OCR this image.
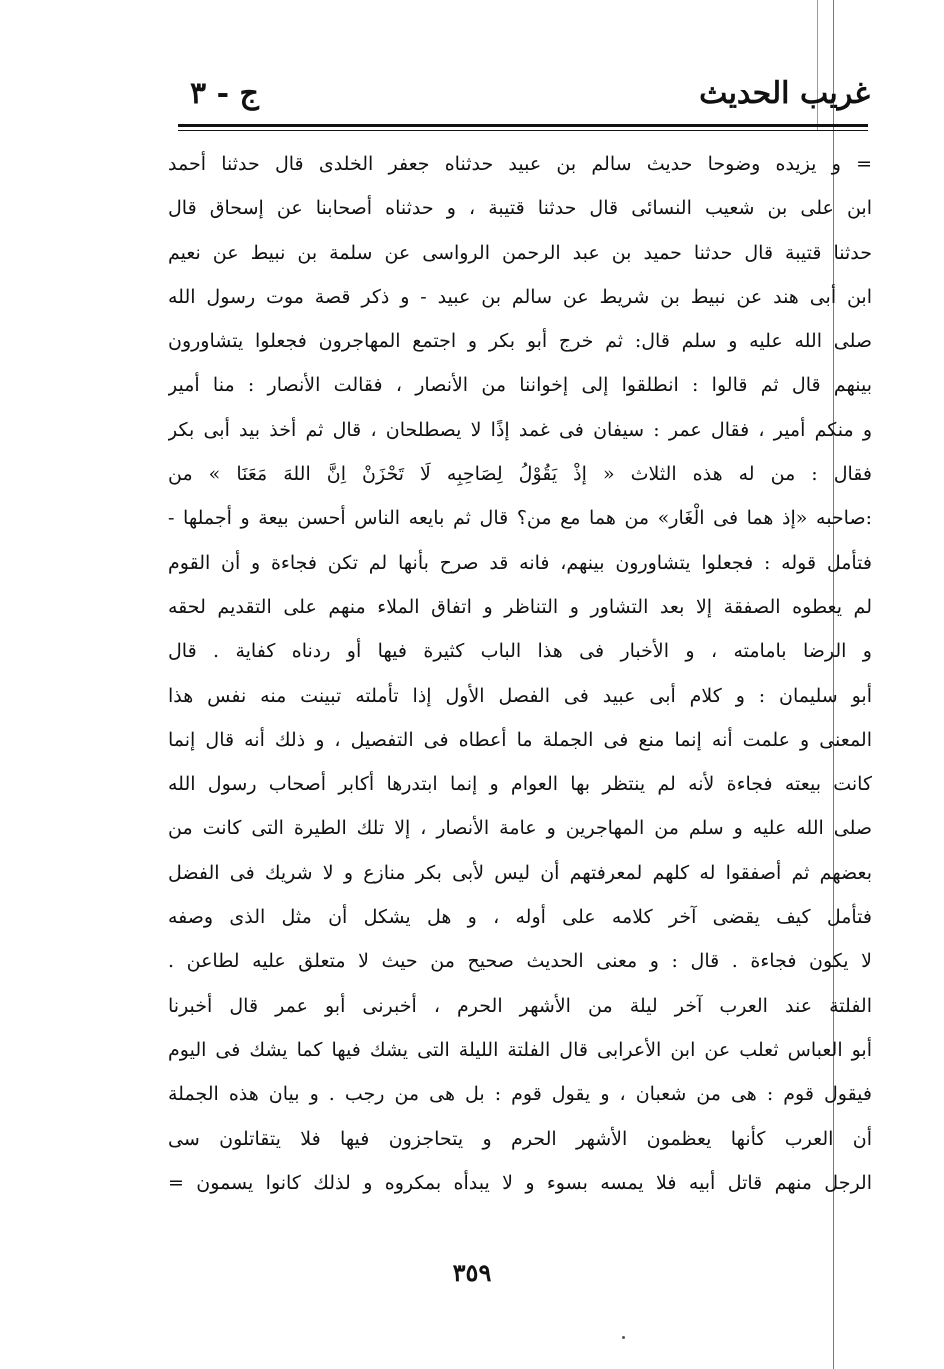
غريب الحديث
ج - ٣
= و يزيده وضوحا حديث سالم بن عبيد حدثناه جعفر الخلدى قال حدثنا أحمد
ابن على بن شعيب النسائى قال حدثنا قتيبة ، و حدثناه أصحابنا عن إسحاق قال
حدثنا قتيبة قال حدثنا حميد بن عبد الرحمن الرواسى عن سلمة بن نبيط عن نعيم
ابن أبى هند عن نبيط بن شريط عن سالم بن عبيد - و ذكر قصة موت رسول الله
صلى الله عليه و سلم قال: ثم خرج أبو بكر و اجتمع المهاجرون فجعلوا يتشاورون
بينهم قال ثم قالوا : انطلقوا إلى إخواننا من الأنصار ، فقالت الأنصار : منا أمير
و منكم أمير ، فقال عمر : سيفان فى غمد إذًا لا يصطلحان ، قال ثم أخذ بيد أبى بكر
فقال : من له هذه الثلاث « إذْ يَقُوْلُ لِصَاحِبِه لَا تَحْزَنْ اِنَّ اللهَ مَعَنَا » من
:صاحبه «إذ هما فى الْغَار» من هما مع من؟ قال ثم بايعه الناس أحسن بيعة و أجملها -
فتأمل قوله : فجعلوا يتشاورون بينهم، فانه قد صرح بأنها لم تكن فجاءة و أن القوم
لم يعطوه الصفقة إلا بعد التشاور و التناظر و اتفاق الملاء منهم على التقديم لحقه
و الرضا بامامته ، و الأخبار فى هذا الباب كثيرة فيها أو ردناه كفاية . قال
أبو سليمان : و كلام أبى عبيد فى الفصل الأول إذا تأملته تبينت منه نفس هذا
المعنى و علمت أنه إنما منع فى الجملة ما أعطاه فى التفصيل ، و ذلك أنه قال إنما
كانت بيعته فجاءة لأنه لم ينتظر بها العوام و إنما ابتدرها أكابر أصحاب رسول الله
صلى الله عليه و سلم من المهاجرين و عامة الأنصار ، إلا تلك الطيرة التى كانت من
بعضهم ثم أصفقوا له كلهم لمعرفتهم أن ليس لأبى بكر منازع و لا شريك فى الفضل
فتأمل كيف يقضى آخر كلامه على أوله ، و هل يشكل أن مثل الذى وصفه
لا يكون فجاءة . قال : و معنى الحديث صحيح من حيث لا متعلق عليه لطاعن .
الفلتة عند العرب آخر ليلة من الأشهر الحرم ، أخبرنى أبو عمر قال أخبرنا
أبو العباس ثعلب عن ابن الأعرابى قال الفلتة الليلة التى يشك فيها كما يشك فى اليوم
فيقول قوم : هى من شعبان ، و يقول قوم : بل هى من رجب . و بيان هذه الجملة
أن العرب كأنها يعظمون الأشهر الحرم و يتحاجزون فيها فلا يتقاتلون سى
الرجل منهم قاتل أبيه فلا يمسه بسوء و لا يبدأه بمكروه و لذلك كانوا يسمون =
٣٥٩
